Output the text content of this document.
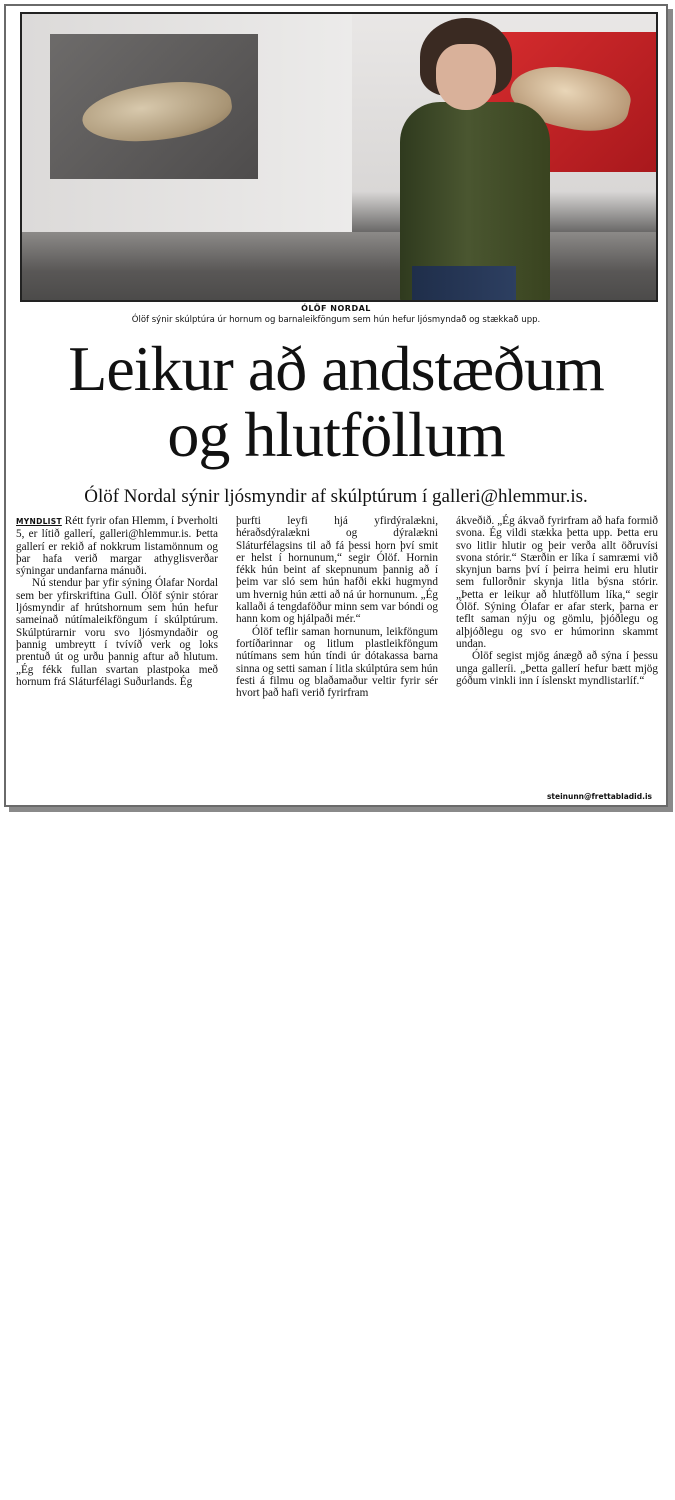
ÓLÖF NORDAL
Ólöf sýnir skúlptúra úr hornum og barnaleikföngum sem hún hefur ljósmyndað og stækkað upp.
Leikur að andstæðum
og hlutföllum
Ólöf Nordal sýnir ljósmyndir af skúlptúrum í galleri@hlemmur.is.

MYNDLIST Rétt fyrir ofan Hlemm, í Þverholti 5, er lítið gallerí, galleri@hlemmur.is. Þetta gallerí er rekið af nokkrum listamönnum og þar hafa verið margar athyglisverðar sýningar undanfarna mánuði.

Nú stendur þar yfir sýning Ólafar Nordal sem ber yfirskriftina Gull. Ólöf sýnir stórar ljósmyndir af hrútshornum sem hún hefur sameinað nútímaleikföngum í skúlptúrum. Skúlptúrarnir voru svo ljósmyndaðir og þannig umbreytt í tvívíð verk og loks prentuð út og urðu þannig aftur að hlutum. „Ég fékk fullan svartan plastpoka með hornum frá Sláturfélagi Suðurlands. Ég

þurfti leyfi hjá yfirdýralækni, héraðsdýralækni og dýralækni Sláturfélagsins til að fá þessi horn því smit er helst í hornunum,“ segir Ólöf. Hornin fékk hún beint af skepnunum þannig að í þeim var sló sem hún hafði ekki hugmynd um hvernig hún ætti að ná úr hornunum. „Ég kallaði á tengdaföður minn sem var bóndi og hann kom og hjálpaði mér.“

Ólöf teflir saman hornunum, leikföngum fortíðarinnar og litlum plastleikföngum nútímans sem hún tíndi úr dótakassa barna sinna og setti saman í litla skúlptúra sem hún festi á filmu og blaðamaður veltir fyrir sér hvort það hafi verið fyrirfram

ákveðið. „Ég ákvað fyrirfram að hafa formið svona. Ég vildi stækka þetta upp. Þetta eru svo litlir hlutir og þeir verða allt öðruvísi svona stórir.“ Stærðin er líka í samræmi við skynjun barns því í þeirra heimi eru hlutir sem fullorðnir skynja litla býsna stórir. „Þetta er leikur að hlutföllum líka,“ segir Ólöf. Sýning Ólafar er afar sterk, þarna er teflt saman nýju og gömlu, þjóðlegu og alþjóðlegu og svo er húmorinn skammt undan.

Ólöf segist mjög ánægð að sýna í þessu unga galleríi. „Þetta gallerí hefur bætt mjög góðum vinkli inn í íslenskt myndlistarlíf.“

steinunn@frettabladid.is
